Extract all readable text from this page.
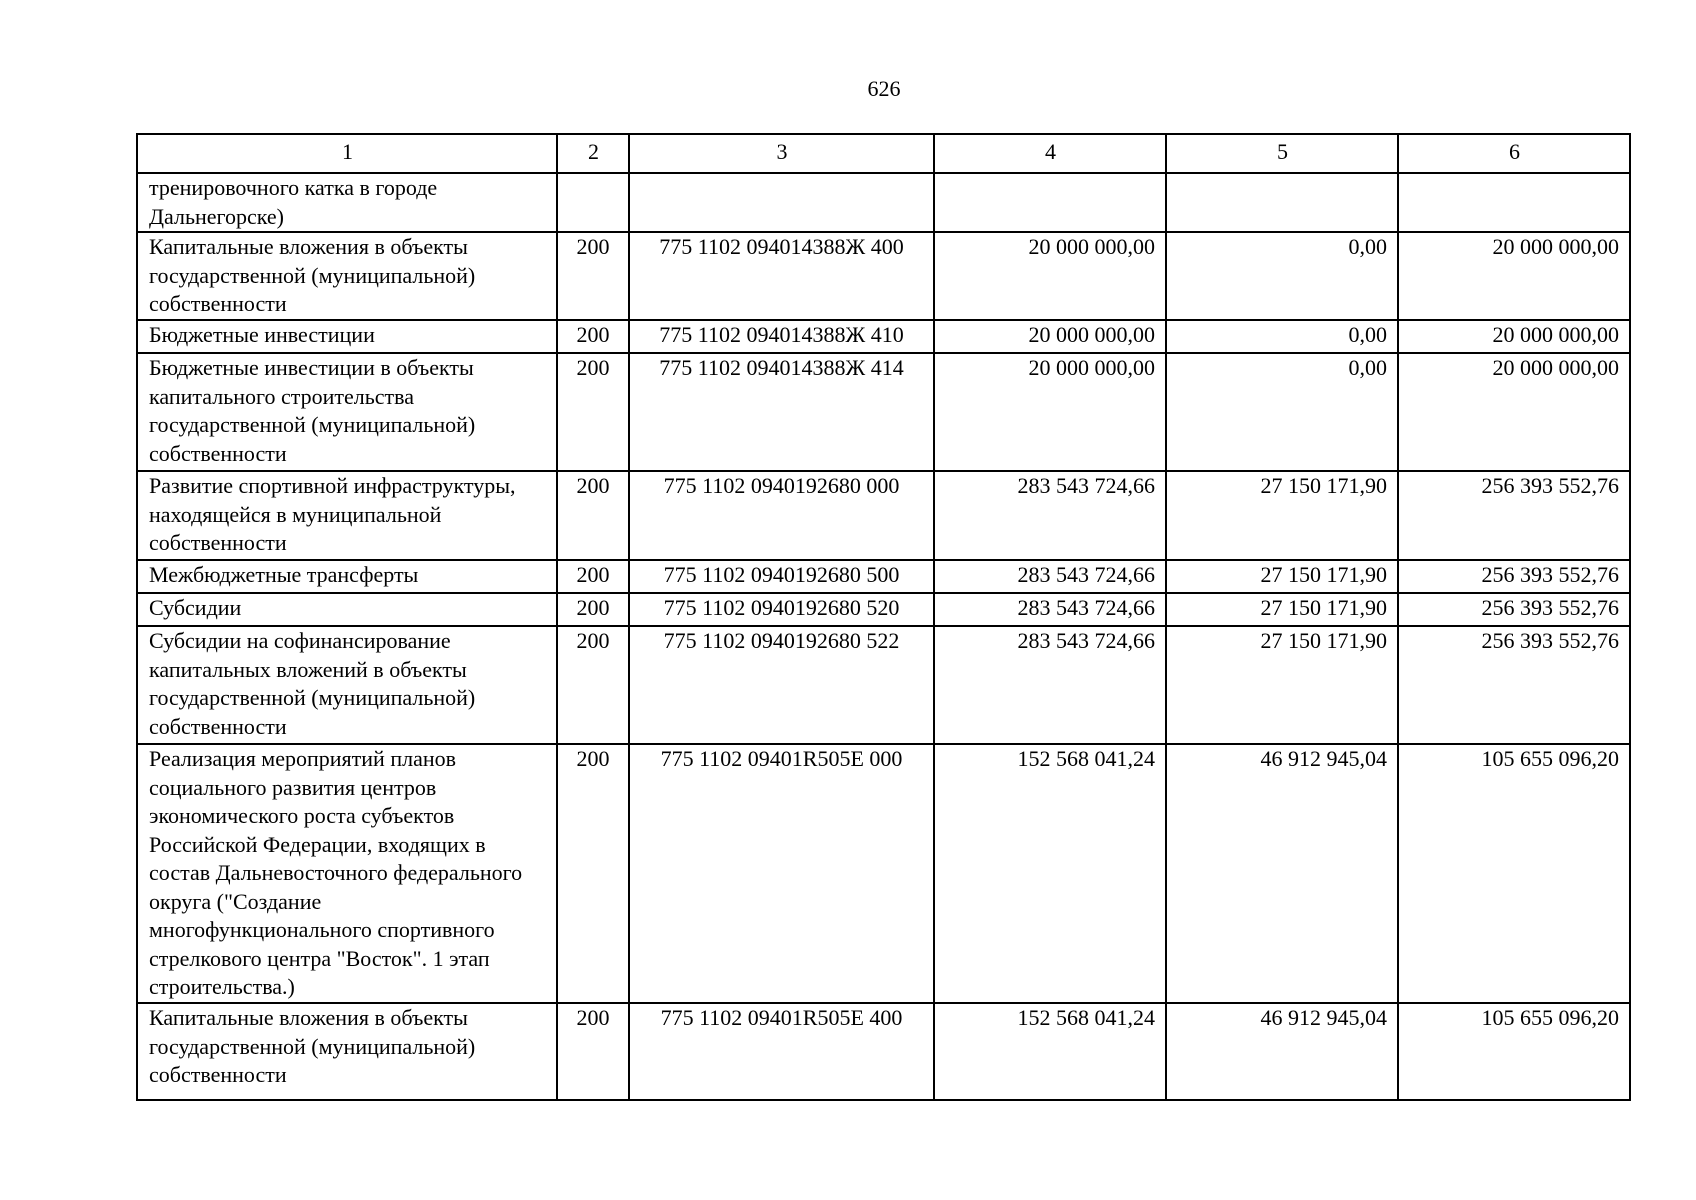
626
1	2	3	4	5	6
тренировочного катка в городе Дальнегорске)					
Капитальные вложения в объекты государственной (муниципальной) собственности	200	775 1102 094014388Ж 400	20 000 000,00	0,00	20 000 000,00
Бюджетные инвестиции	200	775 1102 094014388Ж 410	20 000 000,00	0,00	20 000 000,00
Бюджетные инвестиции в объекты капитального строительства государственной (муниципальной) собственности	200	775 1102 094014388Ж 414	20 000 000,00	0,00	20 000 000,00
Развитие спортивной инфраструктуры, находящейся в муниципальной собственности	200	775 1102 0940192680 000	283 543 724,66	27 150 171,90	256 393 552,76
Межбюджетные трансферты	200	775 1102 0940192680 500	283 543 724,66	27 150 171,90	256 393 552,76
Субсидии	200	775 1102 0940192680 520	283 543 724,66	27 150 171,90	256 393 552,76
Субсидии на софинансирование капитальных вложений в объекты государственной (муниципальной) собственности	200	775 1102 0940192680 522	283 543 724,66	27 150 171,90	256 393 552,76
Реализация мероприятий планов социального развития центров экономического роста субъектов Российской Федерации, входящих в состав Дальневосточного федерального округа ("Создание многофункционального спортивного стрелкового центра "Восток". 1 этап строительства.)	200	775 1102 09401R505E 000	152 568 041,24	46 912 945,04	105 655 096,20
Капитальные вложения в объекты государственной (муниципальной) собственности	200	775 1102 09401R505E 400	152 568 041,24	46 912 945,04	105 655 096,20
